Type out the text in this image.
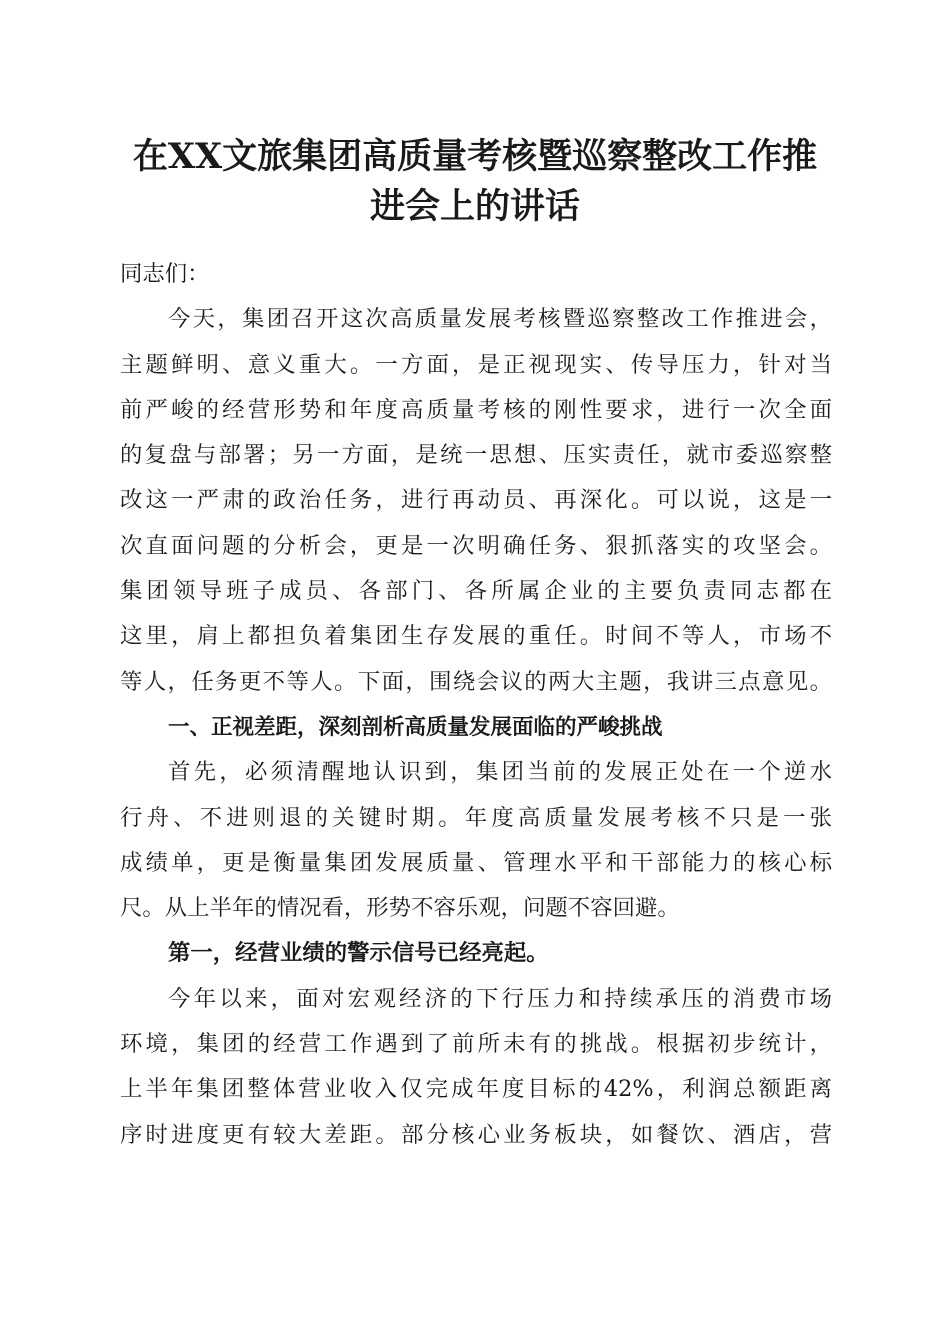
在XX文旅集团高质量考核暨巡察整改工作推
进会上的讲话
同志们：
今天，集团召开这次高质量发展考核暨巡察整改工作推进会，
主题鲜明、意义重大。一方面，是正视现实、传导压力，针对当
前严峻的经营形势和年度高质量考核的刚性要求，进行一次全面
的复盘与部署；另一方面，是统一思想、压实责任，就市委巡察整
改这一严肃的政治任务，进行再动员、再深化。可以说，这是一
次直面问题的分析会，更是一次明确任务、狠抓落实的攻坚会。
集团领导班子成员、各部门、各所属企业的主要负责同志都在
这里，肩上都担负着集团生存发展的重任。时间不等人，市场不
等人，任务更不等人。下面，围绕会议的两大主题，我讲三点意见。
一、正视差距，深刻剖析高质量发展面临的严峻挑战
首先，必须清醒地认识到，集团当前的发展正处在一个逆水
行舟、不进则退的关键时期。年度高质量发展考核不只是一张
成绩单，更是衡量集团发展质量、管理水平和干部能力的核心标
尺。从上半年的情况看，形势不容乐观，问题不容回避。
第一，经营业绩的警示信号已经亮起。
今年以来，面对宏观经济的下行压力和持续承压的消费市场
环境，集团的经营工作遇到了前所未有的挑战。根据初步统计，
上半年集团整体营业收入仅完成年度目标的42%，利润总额距离
序时进度更有较大差距。部分核心业务板块，如餐饮、酒店，营
